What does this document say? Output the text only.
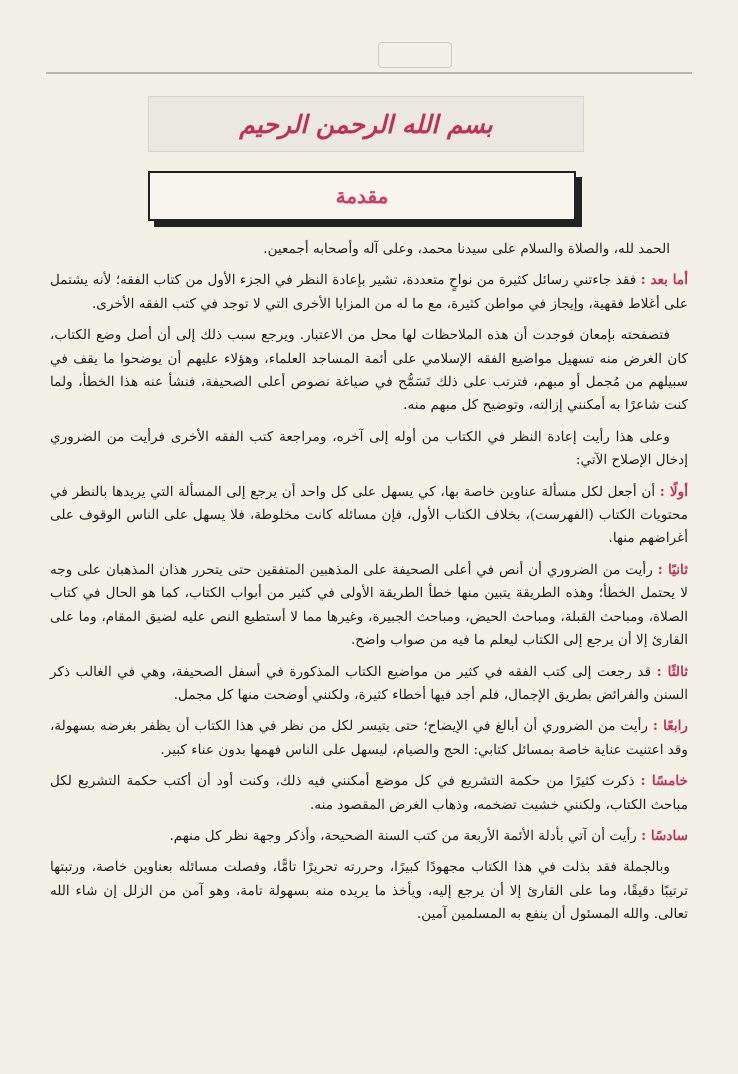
بسم الله الرحمن الرحيم
مقدمة

الحمد لله، والصلاة والسلام على سيدنا محمد، وعلى آله وأصحابه أجمعين.

أما بعد : فقد جاءتني رسائل كثيرة من نواحٍ متعددة، تشير بإعادة النظر في الجزء الأول من كتاب الفقه؛ لأنه يشتمل على أغلاط فقهية، وإيجاز في مواطن كثيرة، مع ما له من المزايا الأخرى التي لا توجد في كتب الفقه الأخرى.

فتصفحته بإمعان فوجدت أن هذه الملاحظات لها محل من الاعتبار. ويرجع سبب ذلك إلى أن أصل وضع الكتاب، كان الغرض منه تسهيل مواضيع الفقه الإسلامي على أئمة المساجد العلماء، وهؤلاء عليهم أن يوضحوا ما يقف في سبيلهم من مُجمل أو مبهم، فترتب على ذلك تَسَمُّح في صياغة نصوص أعلى الصحيفة، فنشأ عنه هذا الخطأ، ولما كنت شاعرًا به أمكنني إزالته، وتوضيح كل مبهم منه.

وعلى هذا رأيت إعادة النظر في الكتاب من أوله إلى آخره، ومراجعة كتب الفقه الأخرى فرأيت من الضروري إدخال الإصلاح الآتي:

أولًا : أن أجعل لكل مسألة عناوين خاصة بها، كي يسهل على كل واحد أن يرجع إلى المسألة التي يريدها بالنظر في محتويات الكتاب (الفهرست)، بخلاف الكتاب الأول، فإن مسائله كانت مخلوطة، فلا يسهل على الناس الوقوف على أغراضهم منها.

ثانيًا : رأيت من الضروري أن أنص في أعلى الصحيفة على المذهبين المتفقين حتى يتحرر هذان المذهبان على وجه لا يحتمل الخطأ؛ وهذه الطريقة يتبين منها خطأ الطريقة الأولى في كثير من أبواب الكتاب، كما هو الحال في كتاب الصلاة، ومباحث القبلة، ومباحث الحيض، ومباحث الجبيرة، وغيرها مما لا أستطيع النص عليه لضيق المقام، وما على القارئ إلا أن يرجع إلى الكتاب ليعلم ما فيه من صواب واضح.

ثالثًا : قد رجعت إلى كتب الفقه في كثير من مواضيع الكتاب المذكورة في أسفل الصحيفة، وهي في الغالب ذكر السنن والفرائض بطريق الإجمال، فلم أجد فيها أخطاء كثيرة، ولكنني أوضحت منها كل مجمل.

رابعًا : رأيت من الضروري أن أبالغ في الإيضاح؛ حتى يتيسر لكل من نظر في هذا الكتاب أن يظفر بغرضه بسهولة، وقد اعتنيت عناية خاصة بمسائل كتابي: الحج والصيام، ليسهل على الناس فهمها بدون عناء كبير.

خامسًا : ذكرت كثيرًا من حكمة التشريع في كل موضع أمكنني فيه ذلك، وكنت أود أن أكتب حكمة التشريع لكل مباحث الكتاب، ولكنني خشيت تضخمه، وذهاب الغرض المقصود منه.

سادسًا : رأيت أن آتي بأدلة الأئمة الأربعة من كتب السنة الصحيحة، وأذكر وجهة نظر كل منهم.

وبالجملة فقد بذلت في هذا الكتاب مجهودًا كبيرًا، وحررته تحريرًا تامًّا، وفصلت مسائله بعناوين خاصة، ورتبتها ترتيبًا دقيقًا، وما على القارئ إلا أن يرجع إليه، ويأخذ ما يريده منه بسهولة تامة، وهو آمن من الزلل إن شاء الله تعالى. والله المسئول أن ينفع به المسلمين آمين.
